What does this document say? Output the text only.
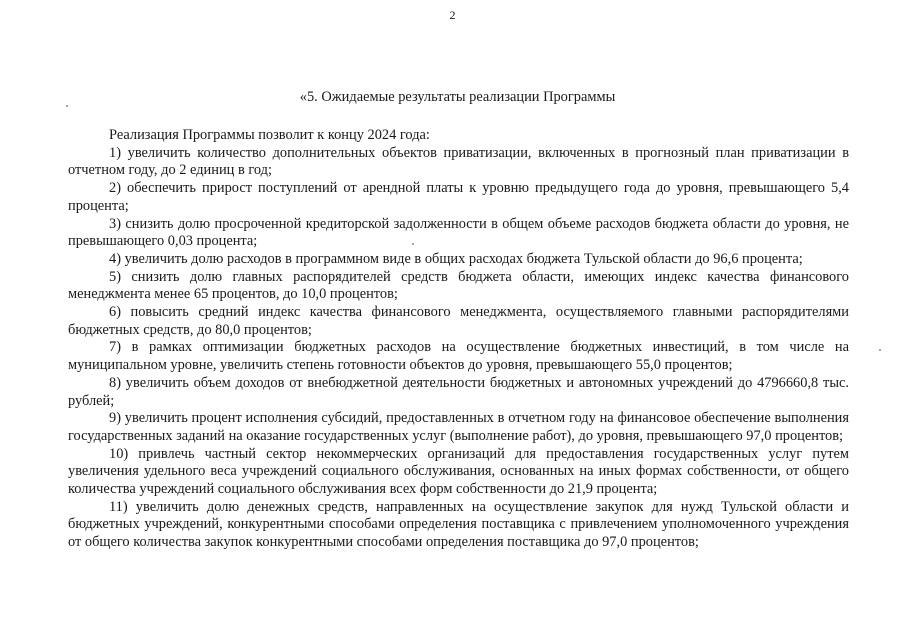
2
«5. Ожидаемые результаты реализации Программы

Реализация Программы позволит к концу 2024 года:

1) увеличить количество дополнительных объектов приватизации, включенных в прогнозный план приватизации в отчетном году, до 2 единиц в год;

2) обеспечить прирост поступлений от арендной платы к уровню предыдущего года до уровня, превышающего 5,4 процента;

3) снизить долю просроченной кредиторской задолженности в общем объеме расходов бюджета области до уровня, не превышающего 0,03 процента;

4) увеличить долю расходов в программном виде в общих расходах бюджета Тульской области до 96,6 процента;

5) снизить долю главных распорядителей средств бюджета области, имеющих индекс качества финансового менеджмента менее 65 процентов, до 10,0 процентов;

6) повысить средний индекс качества финансового менеджмента, осуществляемого главными распорядителями бюджетных средств, до 80,0 процентов;

7) в рамках оптимизации бюджетных расходов на осуществление бюджетных инвестиций, в том числе на муниципальном уровне, увеличить степень готовности объектов до уровня, превышающего 55,0 процентов;

8) увеличить объем доходов от внебюджетной деятельности бюджетных и автономных учреждений до 4796660,8 тыс. рублей;

9) увеличить процент исполнения субсидий, предоставленных в отчетном году на финансовое обеспечение выполнения государственных заданий на оказание государственных услуг (выполнение работ), до уровня, превышающего 97,0 процентов;

10) привлечь частный сектор некоммерческих организаций для предоставления государственных услуг путем увеличения удельного веса учреждений социального обслуживания, основанных на иных формах собственности, от общего количества учреждений социального обслуживания всех форм собственности до 21,9 процента;

11) увеличить долю денежных средств, направленных на осуществление закупок для нужд Тульской области и бюджетных учреждений, конкурентными способами определения поставщика с привлечением уполномоченного учреждения от общего количества закупок конкурентными способами определения поставщика до 97,0 процентов;
